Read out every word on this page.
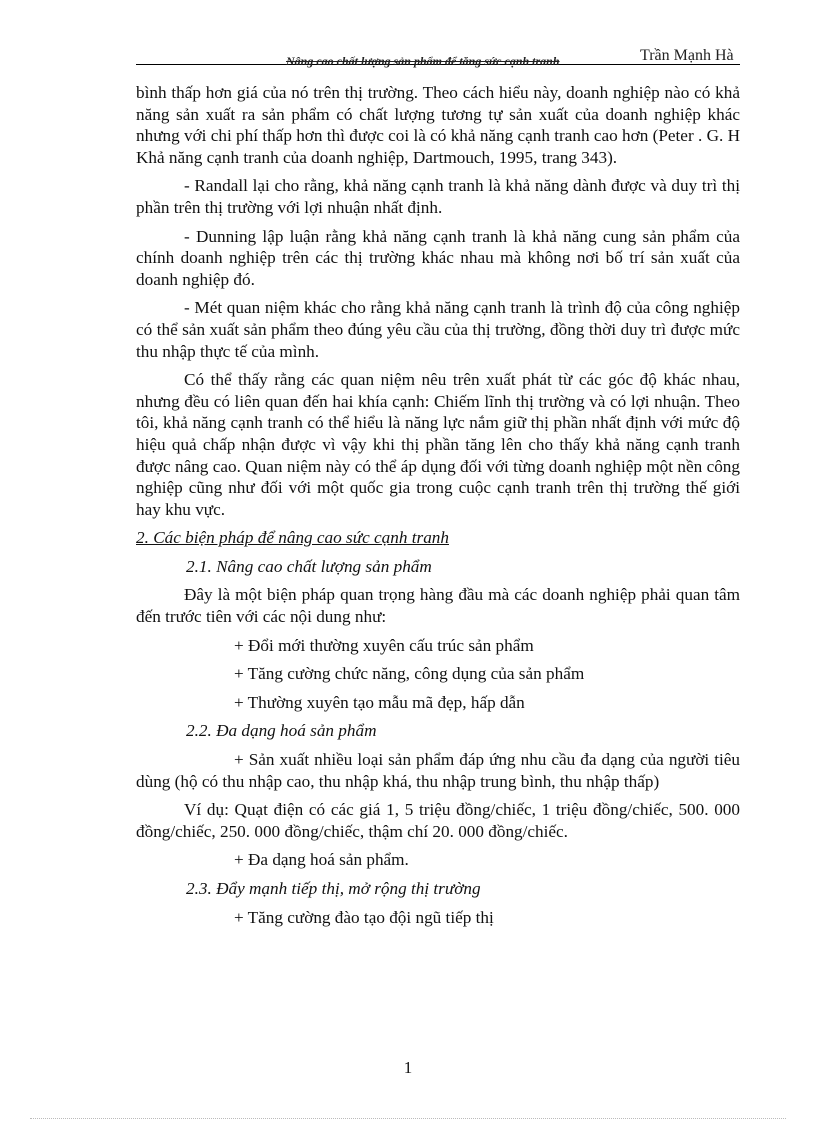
Nâng cao chất lượng sản phẩm để tăng sức cạnh tranh	Trần Mạnh Hà

bình thấp hơn giá của nó trên thị trường. Theo cách hiểu này, doanh nghiệp nào có khả năng sản xuất ra sản phẩm có chất lượng tương tự sản xuất của doanh nghiệp khác nhưng với chi phí thấp hơn thì được coi là có khả năng cạnh tranh cao hơn (Peter . G. H Khả năng cạnh tranh của doanh nghiệp, Dartmouch, 1995, trang 343).

- Randall lại cho rằng, khả năng cạnh tranh là khả năng dành được và duy trì thị phần trên thị trường với lợi nhuận nhất định.

- Dunning lập luận rằng khả năng cạnh tranh là khả năng cung sản phẩm của chính doanh nghiệp trên các thị trường khác nhau mà không nơi bố trí sản xuất của doanh nghiệp đó.

- Mét quan niệm khác cho rằng khả năng cạnh tranh là trình độ của công nghiệp có thể sản xuất sản phẩm theo đúng yêu cầu của thị trường, đồng thời duy trì được mức thu nhập thực tế của mình.

Có thể thấy rằng các quan niệm nêu trên xuất phát từ các góc độ khác nhau, nhưng đều có liên quan đến hai khía cạnh: Chiếm lĩnh thị trường và có lợi nhuận. Theo tôi, khả năng cạnh tranh có thể hiểu là năng lực nắm giữ thị phần nhất định với mức độ hiệu quả chấp nhận được vì vậy khi thị phần tăng lên cho thấy khả năng cạnh tranh được nâng cao. Quan niệm này có thể áp dụng đối với từng doanh nghiệp một nền công nghiệp cũng như đối với một quốc gia trong cuộc cạnh tranh trên thị trường thế giới hay khu vực.

2. Các biện pháp để nâng cao sức cạnh tranh

2.1. Nâng cao chất lượng sản phẩm

Đây là một biện pháp quan trọng hàng đầu mà các doanh nghiệp phải quan tâm đến trước tiên với các nội dung như:

+ Đổi mới thường xuyên cấu trúc sản phẩm

+ Tăng cường chức năng, công dụng của sản phẩm

+ Thường xuyên tạo mẫu mã đẹp, hấp dẫn

2.2. Đa dạng hoá sản phẩm

+ Sản xuất nhiều loại sản phẩm đáp ứng nhu cầu đa dạng của người tiêu dùng (hộ có thu nhập cao, thu nhập khá, thu nhập trung bình, thu nhập thấp)

Ví dụ: Quạt điện có các giá 1, 5 triệu đồng/chiếc, 1 triệu đồng/chiếc, 500. 000 đồng/chiếc, 250. 000 đồng/chiếc, thậm chí 20. 000 đồng/chiếc.

+ Đa dạng hoá sản phẩm.

2.3. Đẩy mạnh tiếp thị, mở rộng thị trường

+ Tăng cường đào tạo đội ngũ tiếp thị

1
